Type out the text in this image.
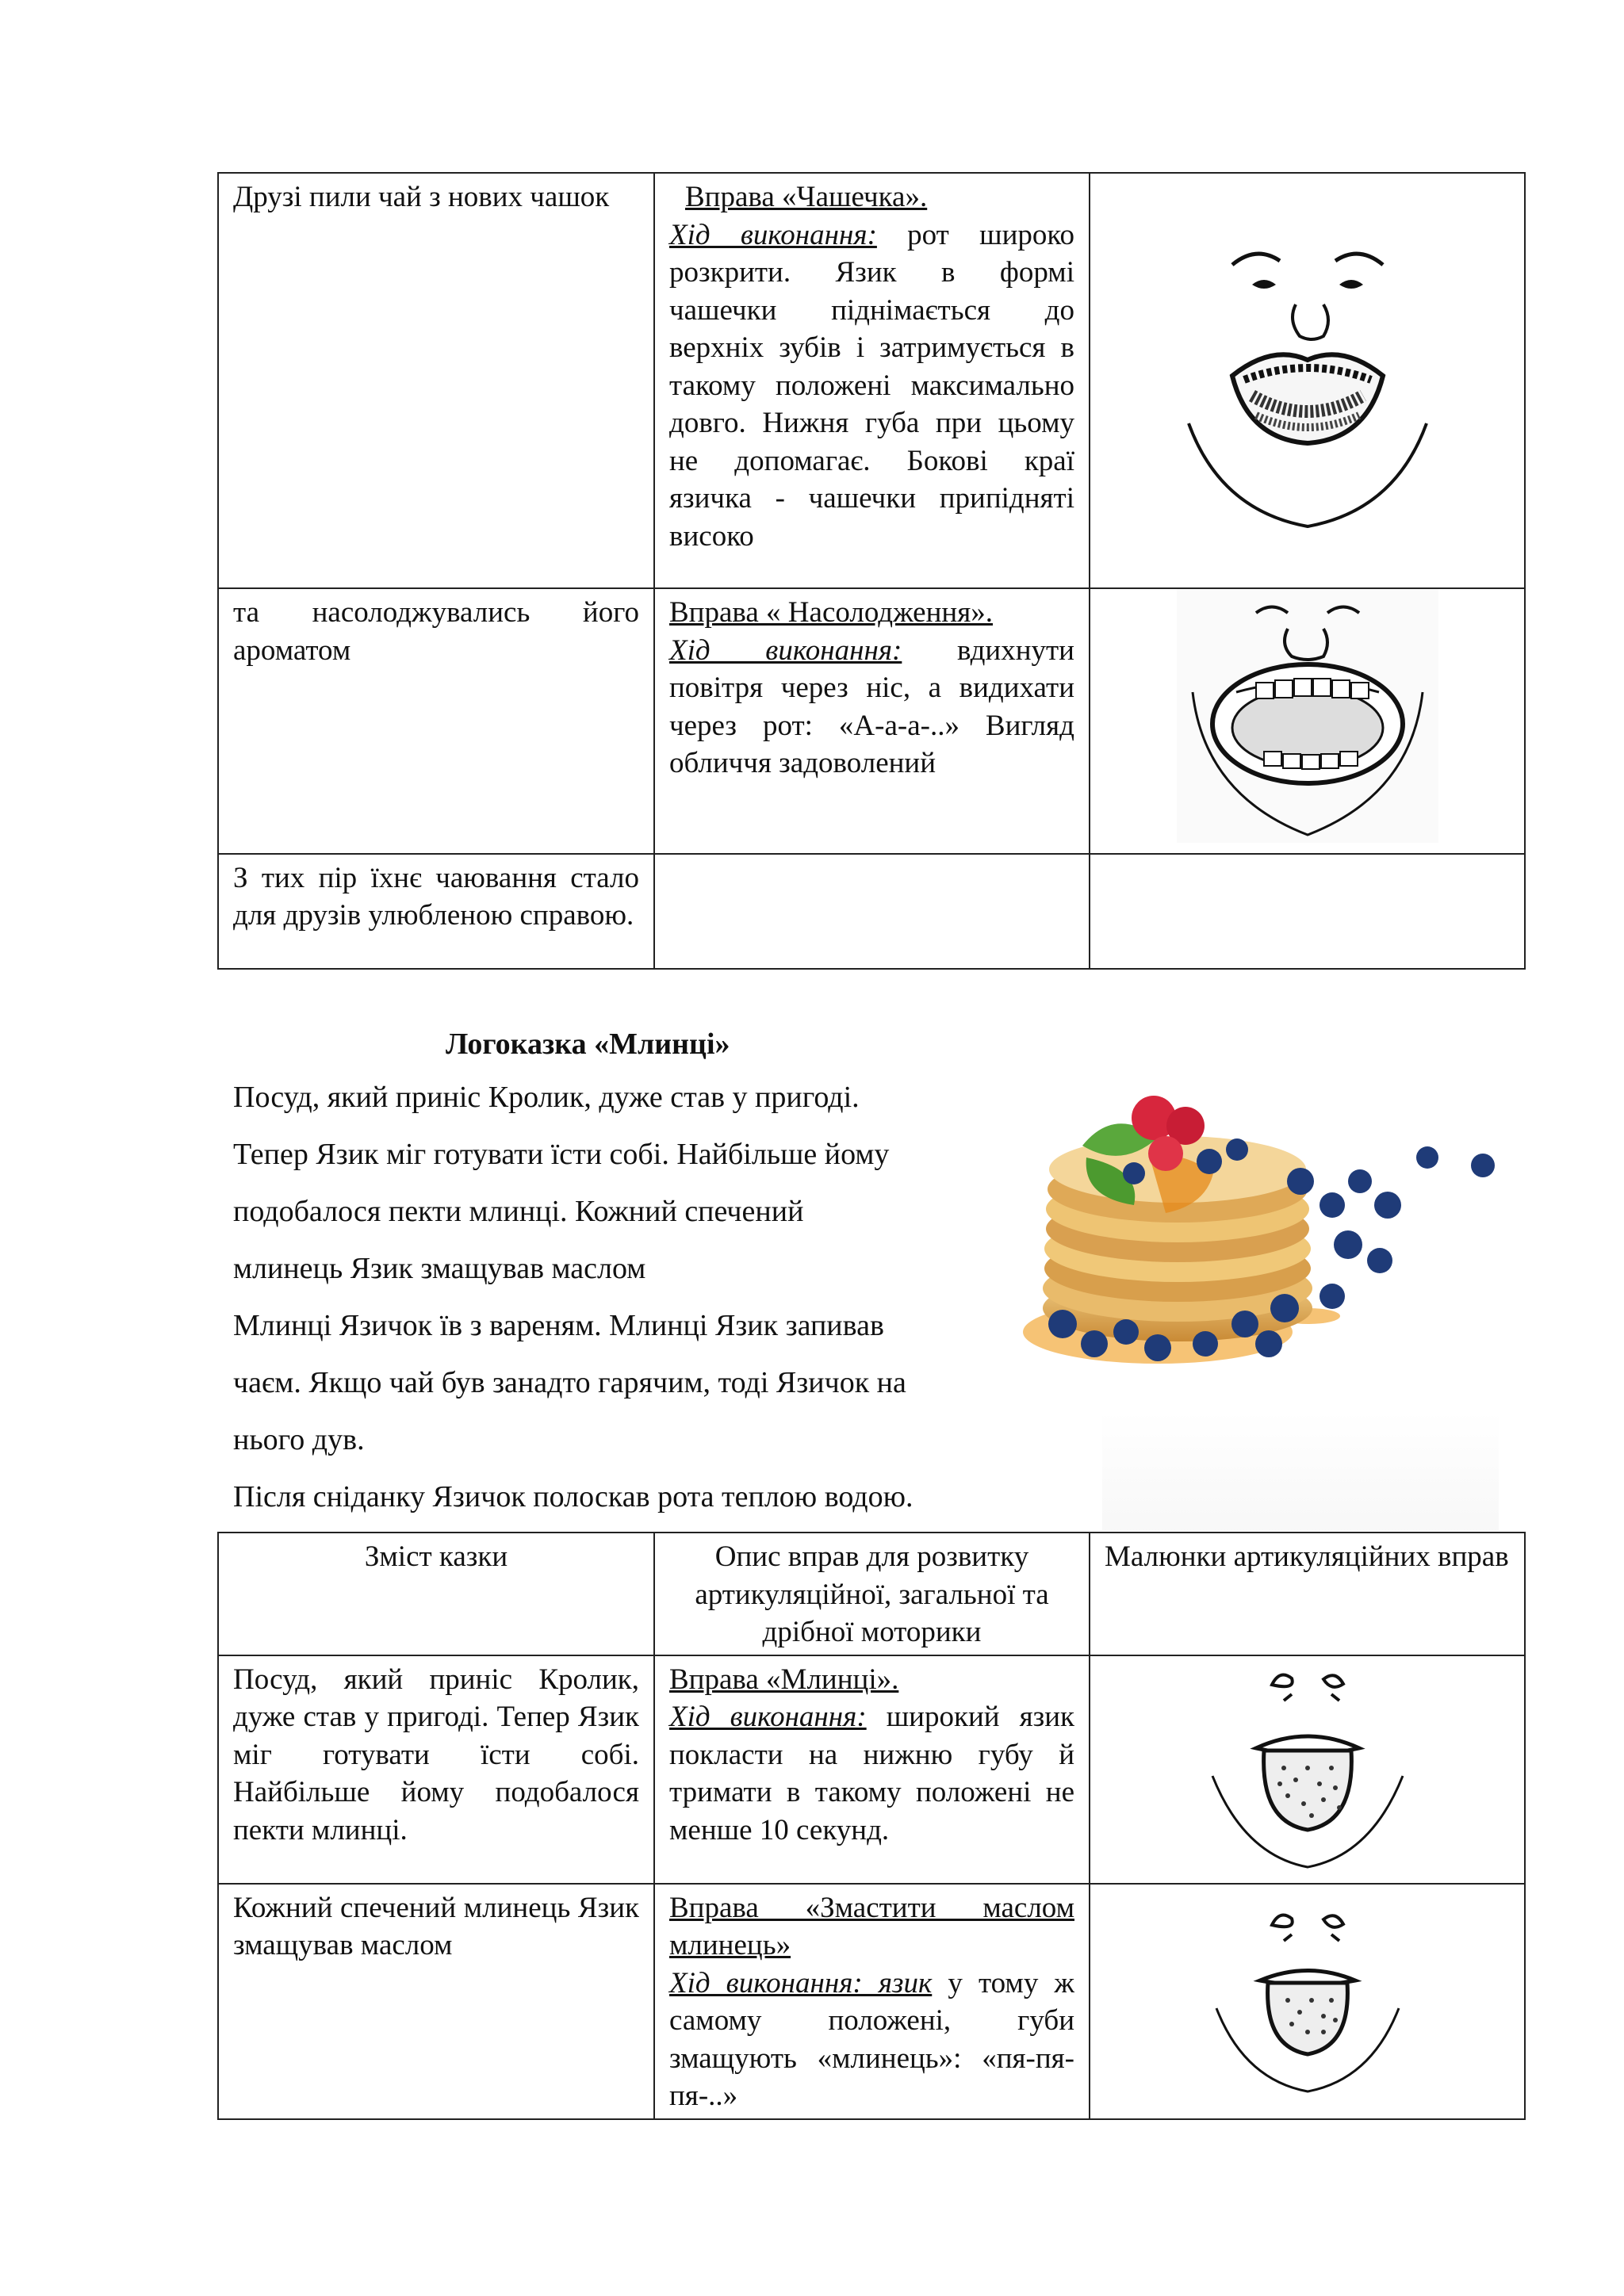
Друзі пили чай з нових чашок	Вправа «Чашечка».
Хід виконання: рот широко розкрити. Язик в формі чашечки піднімається до верхніх зубів і затримується в такому положені максимально довго. Нижня губа при цьому не допомагає. Бокові краї язичка - чашечки припідняті високо	
та насолоджувались його ароматом	Вправа « Насолодження».
Хід виконання: вдихнути повітря через ніс, а видихати через рот: «А-а-а-..» Вигляд обличчя задоволений	
З тих пір їхнє чаювання стало для друзів улюбленою справою.		
Логоказка «Млинці»
Посуд, який приніс Кролик, дуже став у пригоді.
Тепер Язик міг готувати їсти собі. Найбільше йому
подобалося пекти млинці. Кожний спечений
млинець Язик змащував маслом
Млинці Язичок їв з вареням. Млинці Язик запивав
чаєм. Якщо чай був занадто гарячим, тоді Язичок на
нього дув.
Після сніданку Язичок полоскав рота теплою водою.
Зміст казки	Опис вправ для розвитку артикуляційної, загальної та дрібної моторики	Малюнки артикуляційних вправ
Посуд, який приніс Кролик, дуже став у пригоді. Тепер Язик міг готувати їсти собі. Найбільше йому подобалося пекти млинці.	Вправа «Млинці».
Хід виконання: широкий язик покласти на нижню губу й тримати в такому положені не менше 10 секунд.	
Кожний спечений млинець Язик змащував маслом	Вправа «Змастити маслом млинець»
Хід виконання: язик у тому ж самому положені, губи змащують «млинець»: «пя-пя-пя-..»	
